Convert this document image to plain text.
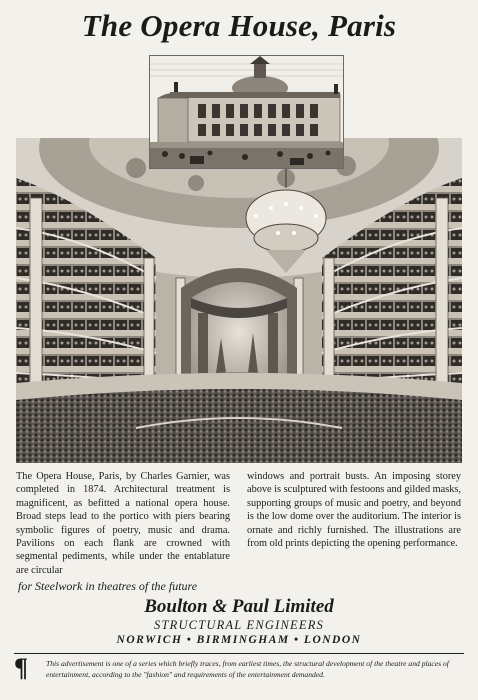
The Opera House, Paris
The Opera House, Paris, by Charles Garnier, was completed in 1874. Architectural treatment is magnificent, as befitted a national opera house. Broad steps lead to the portico with piers bearing symbolic figures of poetry, music and drama. Pavilions on each flank are crowned with segmental pediments, while under the entablature are circular
windows and portrait busts. An imposing storey above is sculptured with festoons and gilded masks, supporting groups of music and poetry, and beyond is the low dome over the auditorium. The interior is ornate and richly furnished. The illustrations are from old prints depicting the opening performance.
for Steelwork in theatres of the future
Boulton & Paul Limited
STRUCTURAL ENGINEERS
NORWICH • BIRMINGHAM • LONDON
¶ This advertisement is one of a series which briefly traces, from earliest times, the structural development of the theatre and places of entertainment, according to the "fashion" and requirements of the entertainment demanded.
